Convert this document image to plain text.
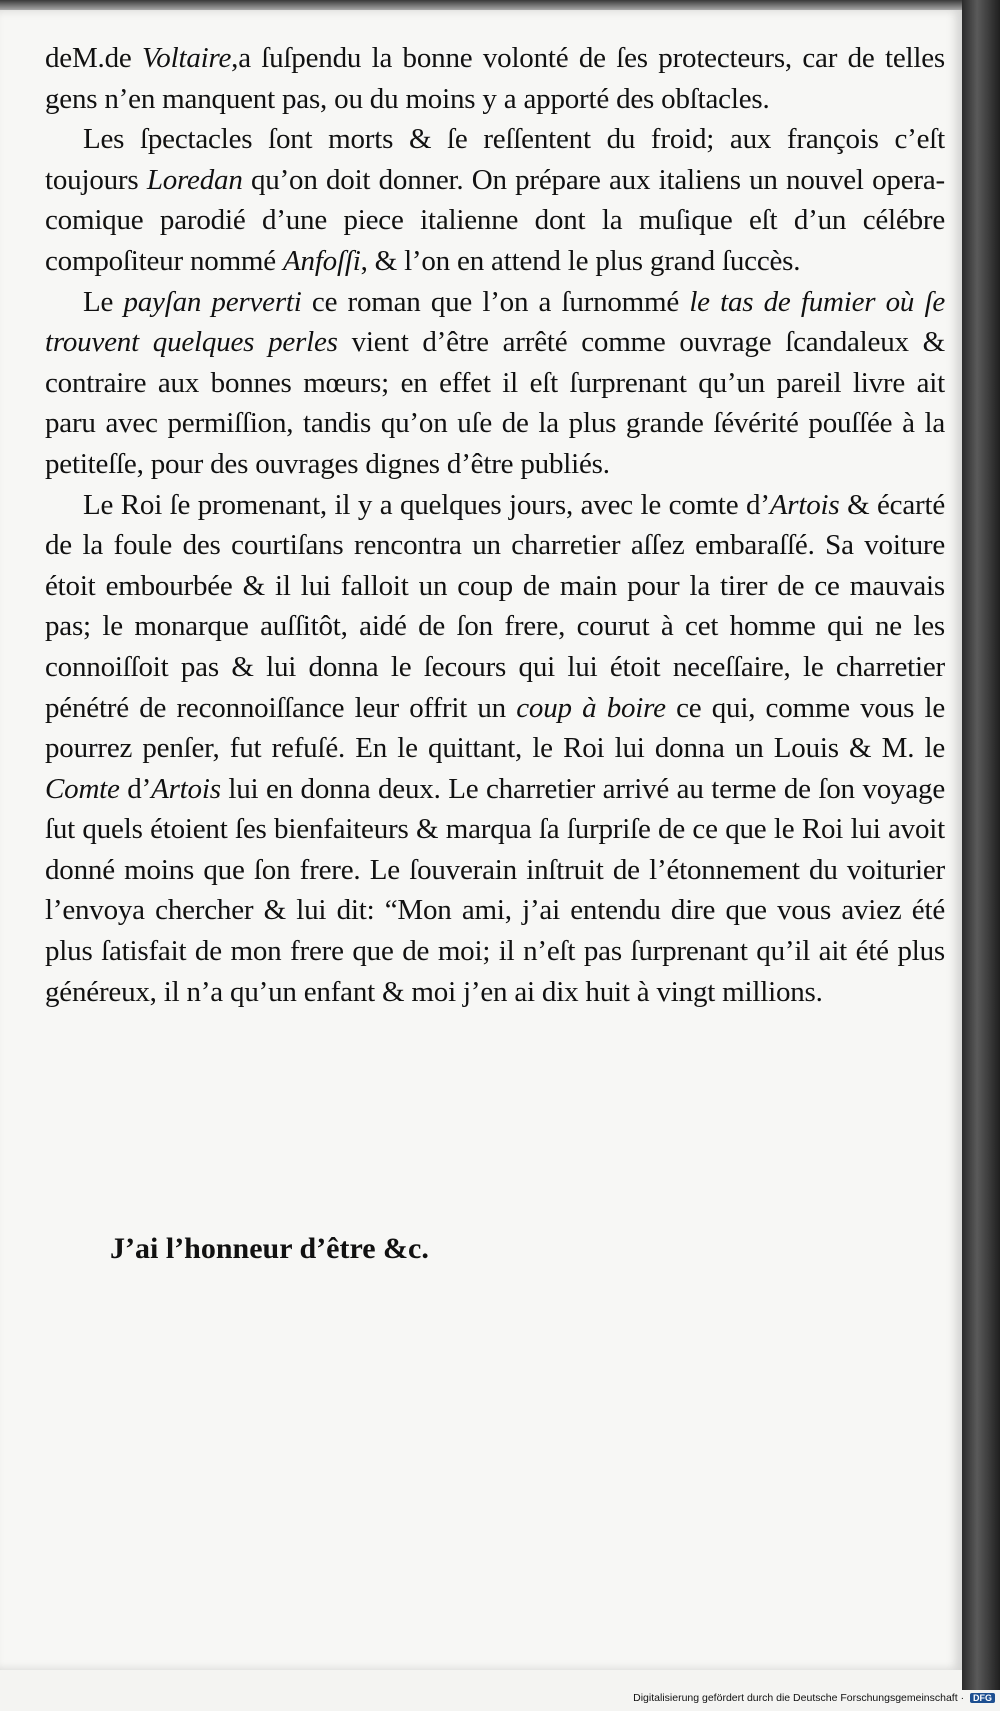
deM.de Voltaire,a ſuſpendu la bonne volonté de ſes protecteurs, car de telles gens n’en manquent pas, ou du moins y a apporté des obſtacles.

Les ſpectacles ſont morts & ſe reſſentent du froid; aux françois c’eſt toujours Loredan qu’on doit donner. On prépare aux italiens un nouvel opera-comique parodié d’une piece italienne dont la muſique eſt d’un célébre compoſiteur nommé Anfoſſi, & l’on en attend le plus grand ſuccès.

Le payſan perverti ce roman que l’on a ſurnommé le tas de fumier où ſe trouvent quelques perles vient d’être arrêté comme ouvrage ſcandaleux & contraire aux bonnes mœurs; en effet il eſt ſurprenant qu’un pareil livre ait paru avec permiſſion, tandis qu’on uſe de la plus grande ſévérité pouſſée à la petiteſſe, pour des ouvrages dignes d’être publiés.

Le Roi ſe promenant, il y a quelques jours, avec le comte d’Artois & écarté de la foule des courtiſans rencontra un charretier aſſez embaraſſé. Sa voiture étoit embourbée & il lui falloit un coup de main pour la tirer de ce mauvais pas; le monarque auſſitôt, aidé de ſon frere, courut à cet homme qui ne les connoiſſoit pas & lui donna le ſecours qui lui étoit neceſſaire, le charretier pénétré de reconnoiſſance leur offrit un coup à boire ce qui, comme vous le pourrez penſer, fut refuſé. En le quittant, le Roi lui donna un Louis & M. le Comte d’Artois lui en donna deux. Le charretier arrivé au terme de ſon voyage ſut quels étoient ſes bienfaiteurs & marqua ſa ſurpriſe de ce que le Roi lui avoit donné moins que ſon frere. Le ſouverain inſtruit de l’étonnement du voiturier l’envoya chercher & lui dit: “Mon ami, j’ai entendu dire que vous aviez été plus ſatisfait de mon frere que de moi; il n’eſt pas ſurprenant qu’il ait été plus généreux, il n’a qu’un enfant & moi j’en ai dix huit à vingt millions.

J’ai l’honneur d’être &c.
Digitalisierung gefördert durch die Deutsche Forschungsgemeinschaft · DFG
